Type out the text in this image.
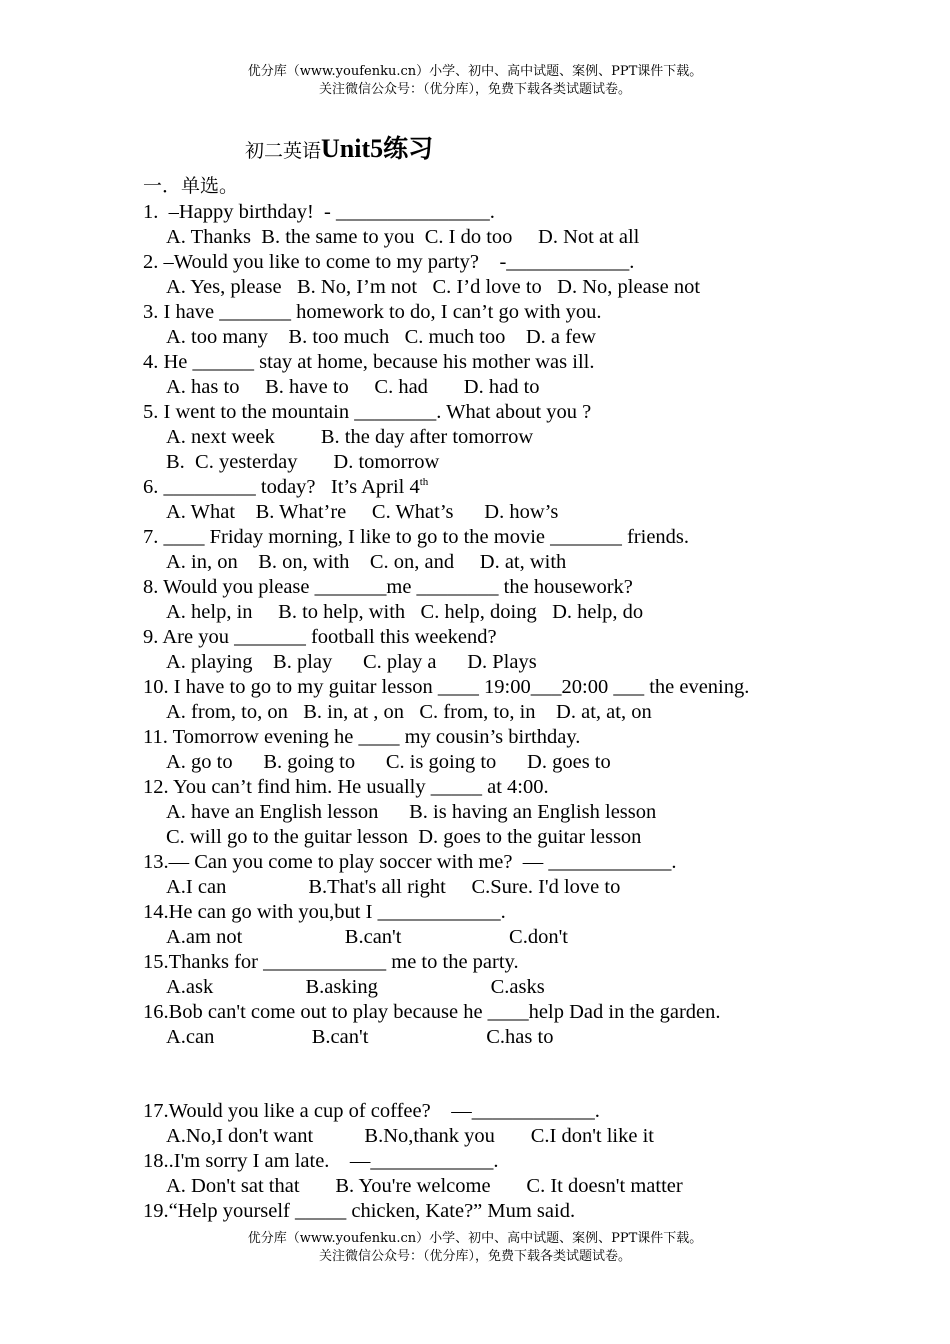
优分库（www.youfenku.cn）小学、初中、高中试题、案例、PPT课件下载。
关注微信公众号：（优分库），免费下载各类试题试卷。
初二英语Unit5练习
一．单选。
1.  –Happy birthday!  - _______________.
A. Thanks  B. the same to you  C. I do too     D. Not at all
2. –Would you like to come to my party?    -____________.
A. Yes, please   B. No, I’m not   C. I’d love to   D. No, please not
3. I have _______ homework to do, I can’t go with you.
A. too many    B. too much   C. much too    D. a few
4. He ______ stay at home, because his mother was ill.
A. has to     B. have to     C. had       D. had to
5. I went to the mountain ________. What about you ?
A. next week         B. the day after tomorrow
B.  C. yesterday       D. tomorrow
6. _________ today?   It’s April 4th
A. What    B. What’re     C. What’s      D. how’s
7. ____ Friday morning, I like to go to the movie _______ friends.
A. in, on    B. on, with    C. on, and     D. at, with
8. Would you please _______me ________ the housework?
A. help, in     B. to help, with   C. help, doing   D. help, do
9. Are you _______ football this weekend?
A. playing    B. play      C. play a      D. Plays
10. I have to go to my guitar lesson ____ 19:00___20:00 ___ the evening.
A. from, to, on   B. in, at , on   C. from, to, in    D. at, at, on
11. Tomorrow evening he ____ my cousin’s birthday.
A. go to      B. going to      C. is going to      D. goes to
12. You can’t find him. He usually _____ at 4:00.
A. have an English lesson      B. is having an English lesson
C. will go to the guitar lesson  D. goes to the guitar lesson
13.— Can you come to play soccer with me?  — ____________.
A.I can                B.That's all right     C.Sure. I'd love to
14.He can go with you,but I ____________.
A.am not                    B.can't                     C.don't
15.Thanks for ____________ me to the party.
A.ask                  B.asking                      C.asks
16.Bob can't come out to play because he ____help Dad in the garden.
A.can                   B.can't                       C.has to
17.Would you like a cup of coffee?    —____________.
A.No,I don't want          B.No,thank you       C.I don't like it
18..I'm sorry I am late.    —____________.
A. Don't sat that       B. You're welcome       C. It doesn't matter
19.“Help yourself _____ chicken, Kate?” Mum said.
优分库（www.youfenku.cn）小学、初中、高中试题、案例、PPT课件下载。
关注微信公众号：（优分库），免费下载各类试题试卷。
